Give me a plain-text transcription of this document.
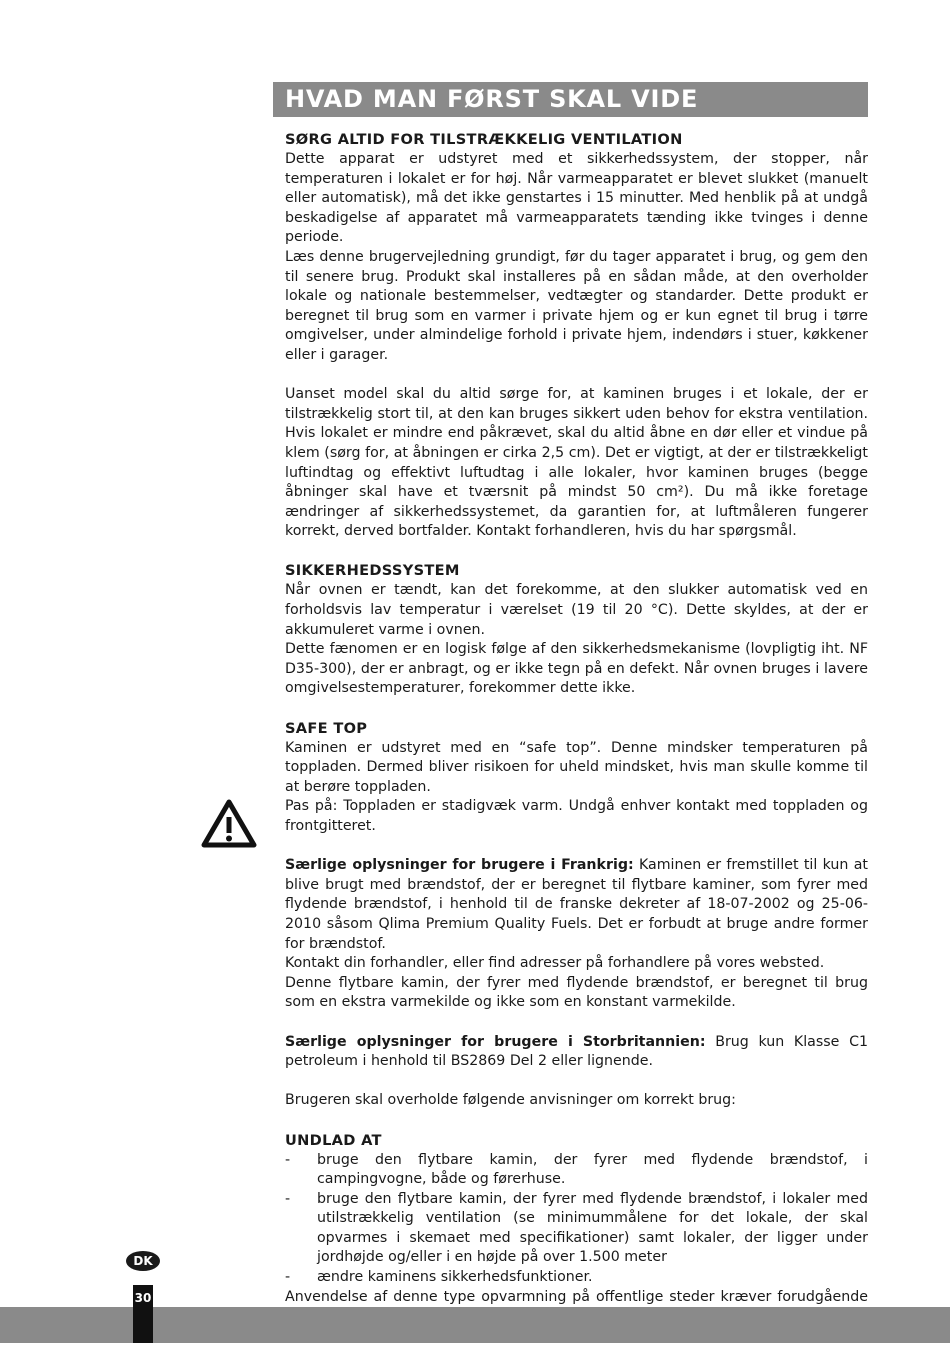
HVAD MAN FØRST SKAL VIDE
SØRG ALTID FOR TILSTRÆKKELIG VENTILATION

Dette apparat er udstyret med et sikkerhedssystem, der stopper, når temperaturen i lokalet er for høj. Når varmeapparatet er blevet slukket (manuelt eller automatisk), må det ikke genstartes i 15 minutter. Med henblik på at undgå beskadigelse af apparatet må varmeapparatets tænding ikke tvinges i denne periode.

Læs denne brugervejledning grundigt, før du tager apparatet i brug, og gem den til senere brug. Produkt skal installeres på en sådan måde, at den overholder lokale og nationale bestemmelser, vedtægter og standarder. Dette produkt er beregnet til brug som en varmer i private hjem og er kun egnet til brug i tørre omgivelser, under almindelige forhold i private hjem, indendørs i stuer, køkkener eller i garager.

Uanset model skal du altid sørge for, at kaminen bruges i et lokale, der er tilstrækkelig stort til, at den kan bruges sikkert uden behov for ekstra ventilation. Hvis lokalet er mindre end påkrævet, skal du altid åbne en dør eller et vindue på klem (sørg for, at åbningen er cirka 2,5 cm). Det er vigtigt, at der er tilstrækkeligt luftindtag og effektivt luftudtag i alle lokaler, hvor kaminen bruges (begge åbninger skal have et tværsnit på mindst 50 cm²). Du må ikke foretage ændringer af sikkerhedssystemet, da garantien for, at luftmåleren fungerer korrekt, derved bortfalder. Kontakt forhandleren, hvis du har spørgsmål.

SIKKERHEDSSYSTEM

Når ovnen er tændt, kan det forekomme, at den slukker automatisk ved en forholdsvis lav temperatur i værelset (19 til 20 °C). Dette skyldes, at der er akkumuleret varme i ovnen.

Dette fænomen er en logisk følge af den sikkerhedsmekanisme (lovpligtig iht. NF D35-300), der er anbragt, og er ikke tegn på en defekt. Når ovnen bruges i lavere omgivelsestemperaturer, forekommer dette ikke.

SAFE TOP

Kaminen er udstyret med en “safe top”. Denne mindsker temperaturen på toppladen. Dermed bliver risikoen for uheld mindsket, hvis man skulle komme til at berøre toppladen.

Pas på: Toppladen er stadigvæk varm. Undgå enhver kontakt med toppladen og frontgitteret.

Særlige oplysninger for brugere i Frankrig: Kaminen er fremstillet til kun at blive brugt med brændstof, der er beregnet til flytbare kaminer, som fyrer med flydende brændstof, i henhold til de franske dekreter af 18-07-2002 og 25-06-2010 såsom Qlima Premium Quality Fuels. Det er forbudt at bruge andre former for brændstof.

Kontakt din forhandler, eller find adresser på forhandlere på vores websted.

Denne flytbare kamin, der fyrer med flydende brændstof, er beregnet til brug som en ekstra varmekilde og ikke som en konstant varmekilde.

Særlige oplysninger for brugere i Storbritannien: Brug kun Klasse C1 petroleum i henhold til BS2869 Del 2 eller lignende.

Brugeren skal overholde følgende anvisninger om korrekt brug:

UNDLAD AT
- bruge den flytbare kamin, der fyrer med flydende brændstof, i campingvogne, både og førerhuse.
- bruge den flytbare kamin, der fyrer med flydende brændstof, i lokaler med utilstrækkelig ventilation (se minimummålene for det lokale, der skal opvarmes i skemaet med specifikationer) samt lokaler, der ligger under jordhøjde og/eller i en højde på over 1.500 meter
- ændre kaminens sikkerhedsfunktioner.

Anvendelse af denne type opvarmning på offentlige steder kræver forudgående

DK
30
